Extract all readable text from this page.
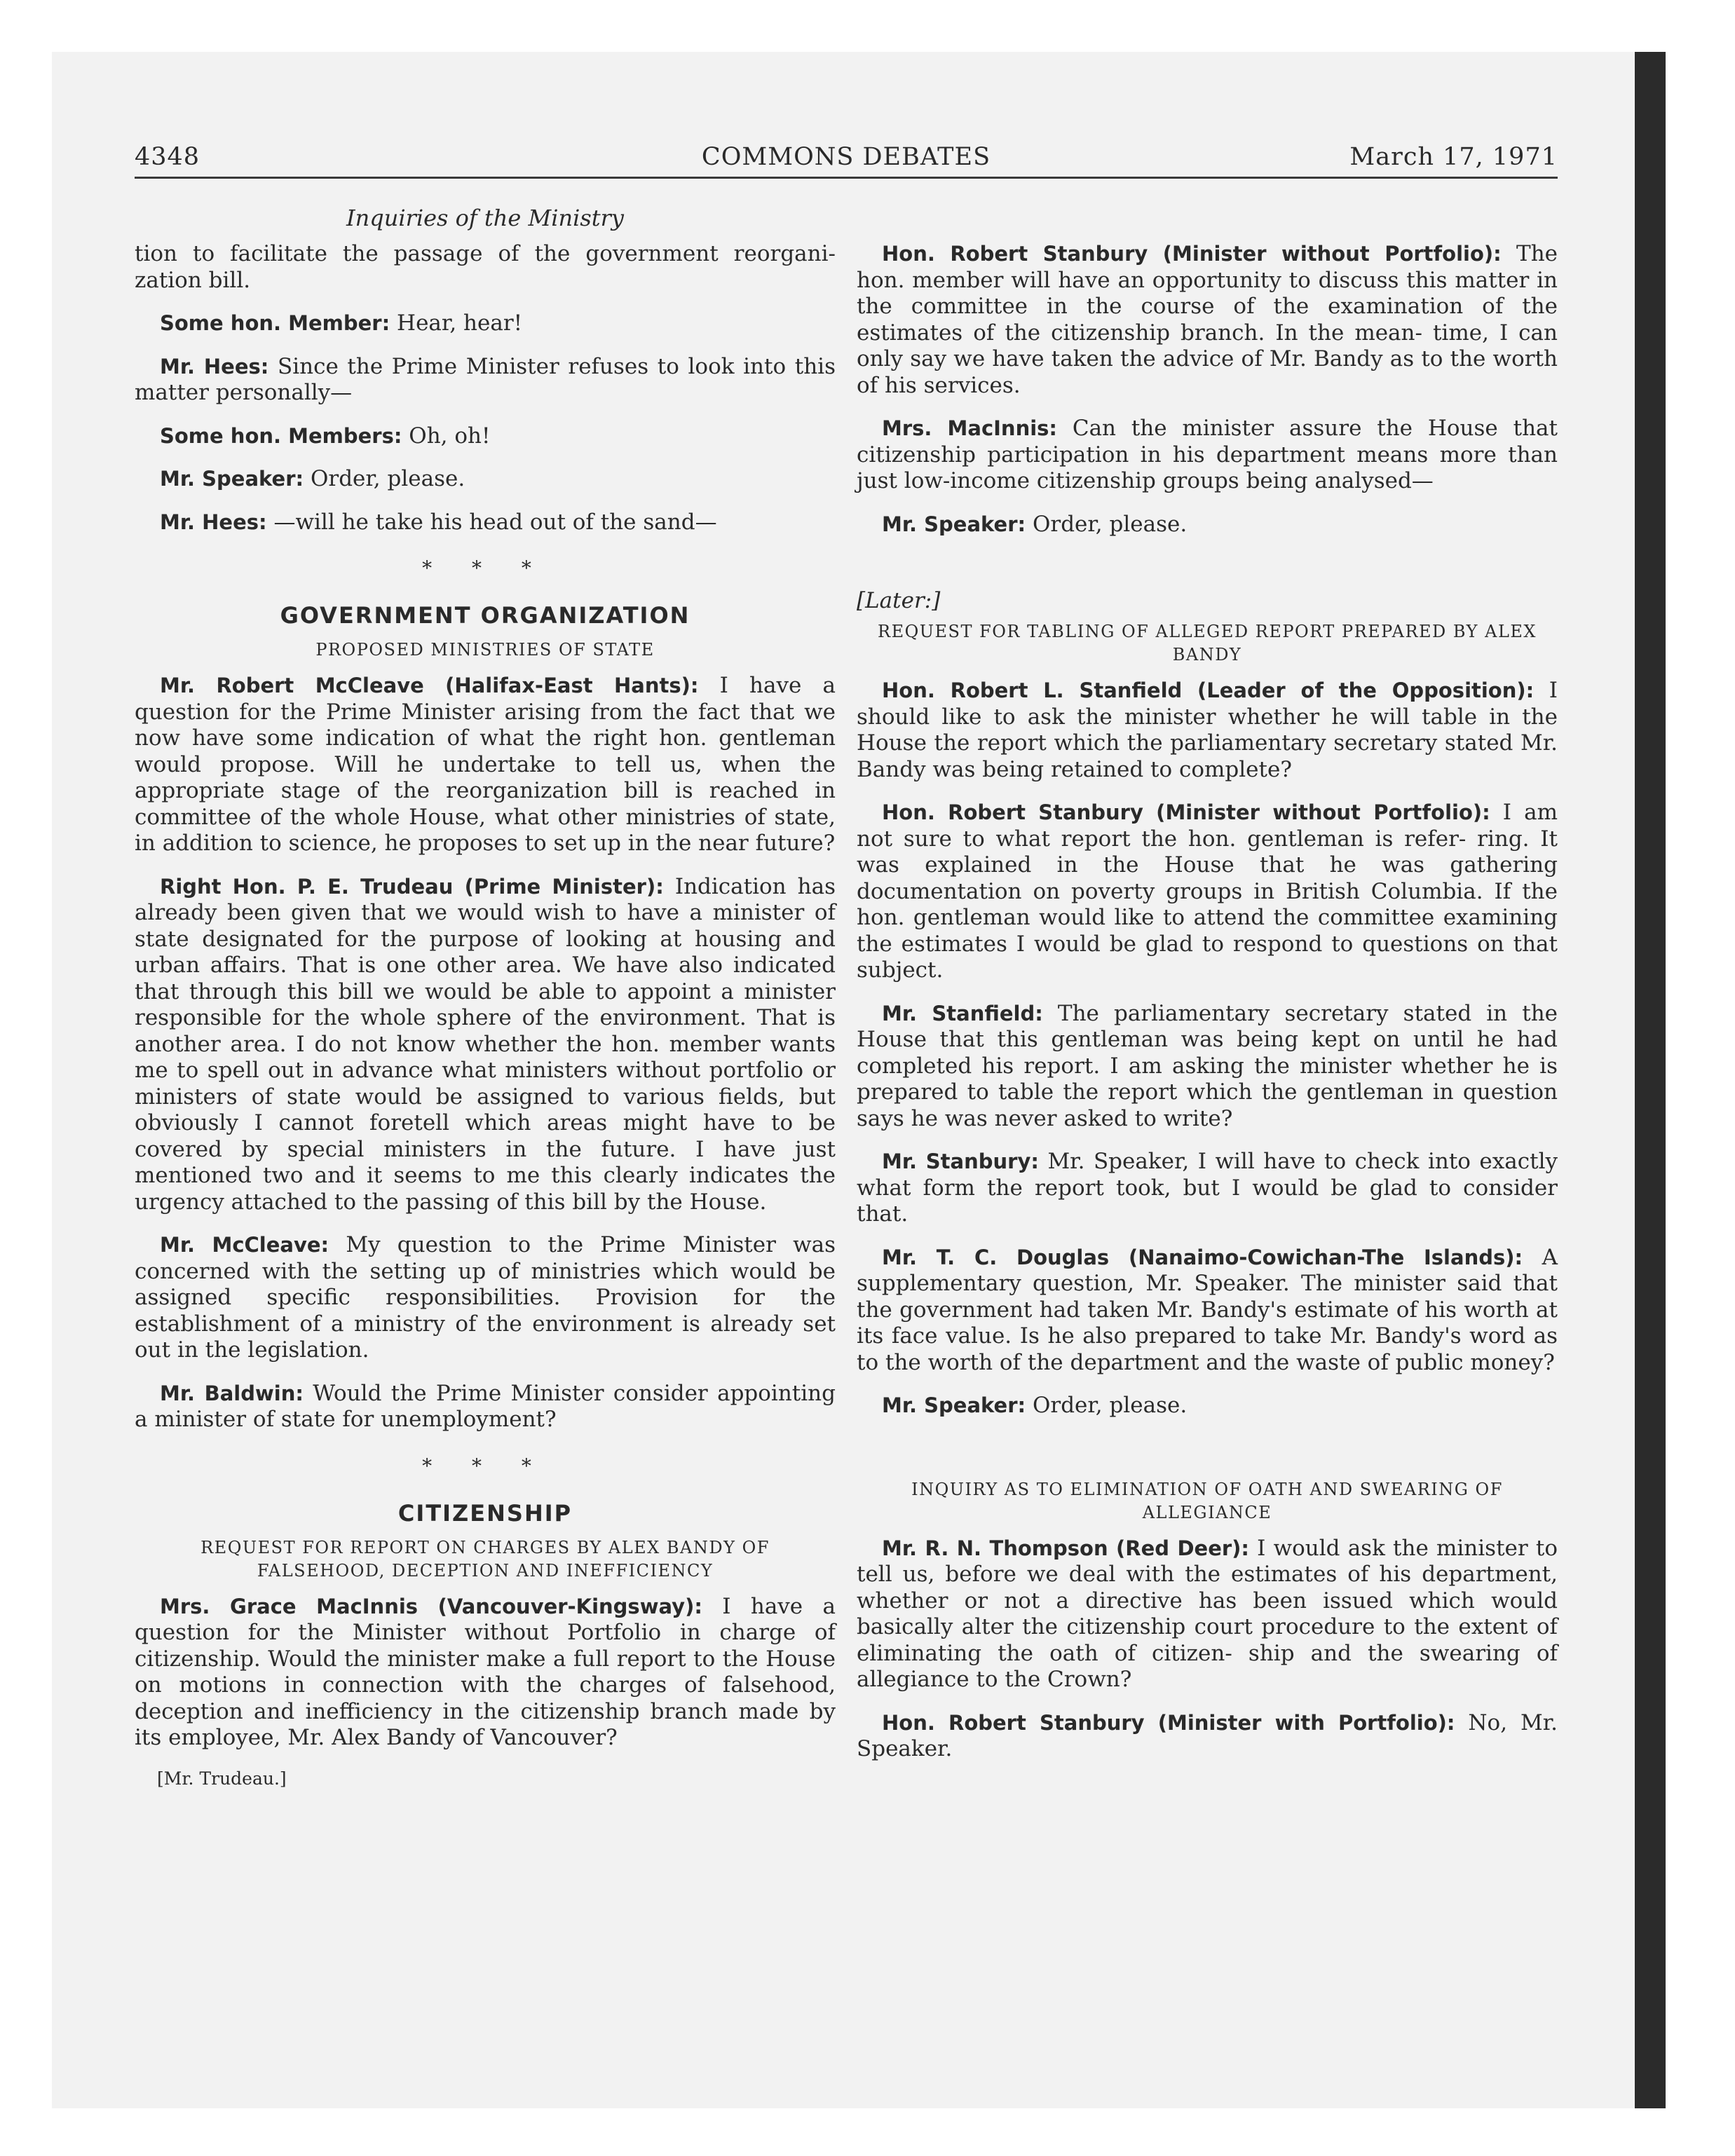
4348	COMMONS DEBATES	March 17, 1971
Inquiries of the Ministry

tion to facilitate the passage of the government reorgani- zation bill.

Some hon. Member: Hear, hear!

Mr. Hees: Since the Prime Minister refuses to look into this matter personally—

Some hon. Members: Oh, oh!

Mr. Speaker: Order, please.

Mr. Hees: —will he take his head out of the sand—

* * *
GOVERNMENT ORGANIZATION
PROPOSED MINISTRIES OF STATE

Mr. Robert McCleave (Halifax-East Hants): I have a question for the Prime Minister arising from the fact that we now have some indication of what the right hon. gentleman would propose. Will he undertake to tell us, when the appropriate stage of the reorganization bill is reached in committee of the whole House, what other ministries of state, in addition to science, he proposes to set up in the near future?

Right Hon. P. E. Trudeau (Prime Minister): Indication has already been given that we would wish to have a minister of state designated for the purpose of looking at housing and urban affairs. That is one other area. We have also indicated that through this bill we would be able to appoint a minister responsible for the whole sphere of the environment. That is another area. I do not know whether the hon. member wants me to spell out in advance what ministers without portfolio or ministers of state would be assigned to various fields, but obviously I cannot foretell which areas might have to be covered by special ministers in the future. I have just mentioned two and it seems to me this clearly indicates the urgency attached to the passing of this bill by the House.

Mr. McCleave: My question to the Prime Minister was concerned with the setting up of ministries which would be assigned specific responsibilities. Provision for the establishment of a ministry of the environment is already set out in the legislation.

Mr. Baldwin: Would the Prime Minister consider appointing a minister of state for unemployment?

* * *
CITIZENSHIP
REQUEST FOR REPORT ON CHARGES BY ALEX BANDY OF FALSEHOOD, DECEPTION AND INEFFICIENCY

Mrs. Grace MacInnis (Vancouver-Kingsway): I have a question for the Minister without Portfolio in charge of citizenship. Would the minister make a full report to the House on motions in connection with the charges of falsehood, deception and inefficiency in the citizenship branch made by its employee, Mr. Alex Bandy of Vancouver?

[Mr. Trudeau.]

Hon. Robert Stanbury (Minister without Portfolio): The hon. member will have an opportunity to discuss this matter in the committee in the course of the examination of the estimates of the citizenship branch. In the mean- time, I can only say we have taken the advice of Mr. Bandy as to the worth of his services.

Mrs. MacInnis: Can the minister assure the House that citizenship participation in his department means more than just low-income citizenship groups being analysed—

Mr. Speaker: Order, please.

[Later:]
REQUEST FOR TABLING OF ALLEGED REPORT PREPARED BY ALEX BANDY

Hon. Robert L. Stanfield (Leader of the Opposition): I should like to ask the minister whether he will table in the House the report which the parliamentary secretary stated Mr. Bandy was being retained to complete?

Hon. Robert Stanbury (Minister without Portfolio): I am not sure to what report the hon. gentleman is refer- ring. It was explained in the House that he was gathering documentation on poverty groups in British Columbia. If the hon. gentleman would like to attend the committee examining the estimates I would be glad to respond to questions on that subject.

Mr. Stanfield: The parliamentary secretary stated in the House that this gentleman was being kept on until he had completed his report. I am asking the minister whether he is prepared to table the report which the gentleman in question says he was never asked to write?

Mr. Stanbury: Mr. Speaker, I will have to check into exactly what form the report took, but I would be glad to consider that.

Mr. T. C. Douglas (Nanaimo-Cowichan-The Islands): A supplementary question, Mr. Speaker. The minister said that the government had taken Mr. Bandy's estimate of his worth at its face value. Is he also prepared to take Mr. Bandy's word as to the worth of the department and the waste of public money?

Mr. Speaker: Order, please.

INQUIRY AS TO ELIMINATION OF OATH AND SWEARING OF ALLEGIANCE

Mr. R. N. Thompson (Red Deer): I would ask the minister to tell us, before we deal with the estimates of his department, whether or not a directive has been issued which would basically alter the citizenship court procedure to the extent of eliminating the oath of citizen- ship and the swearing of allegiance to the Crown?

Hon. Robert Stanbury (Minister with Portfolio): No, Mr. Speaker.
